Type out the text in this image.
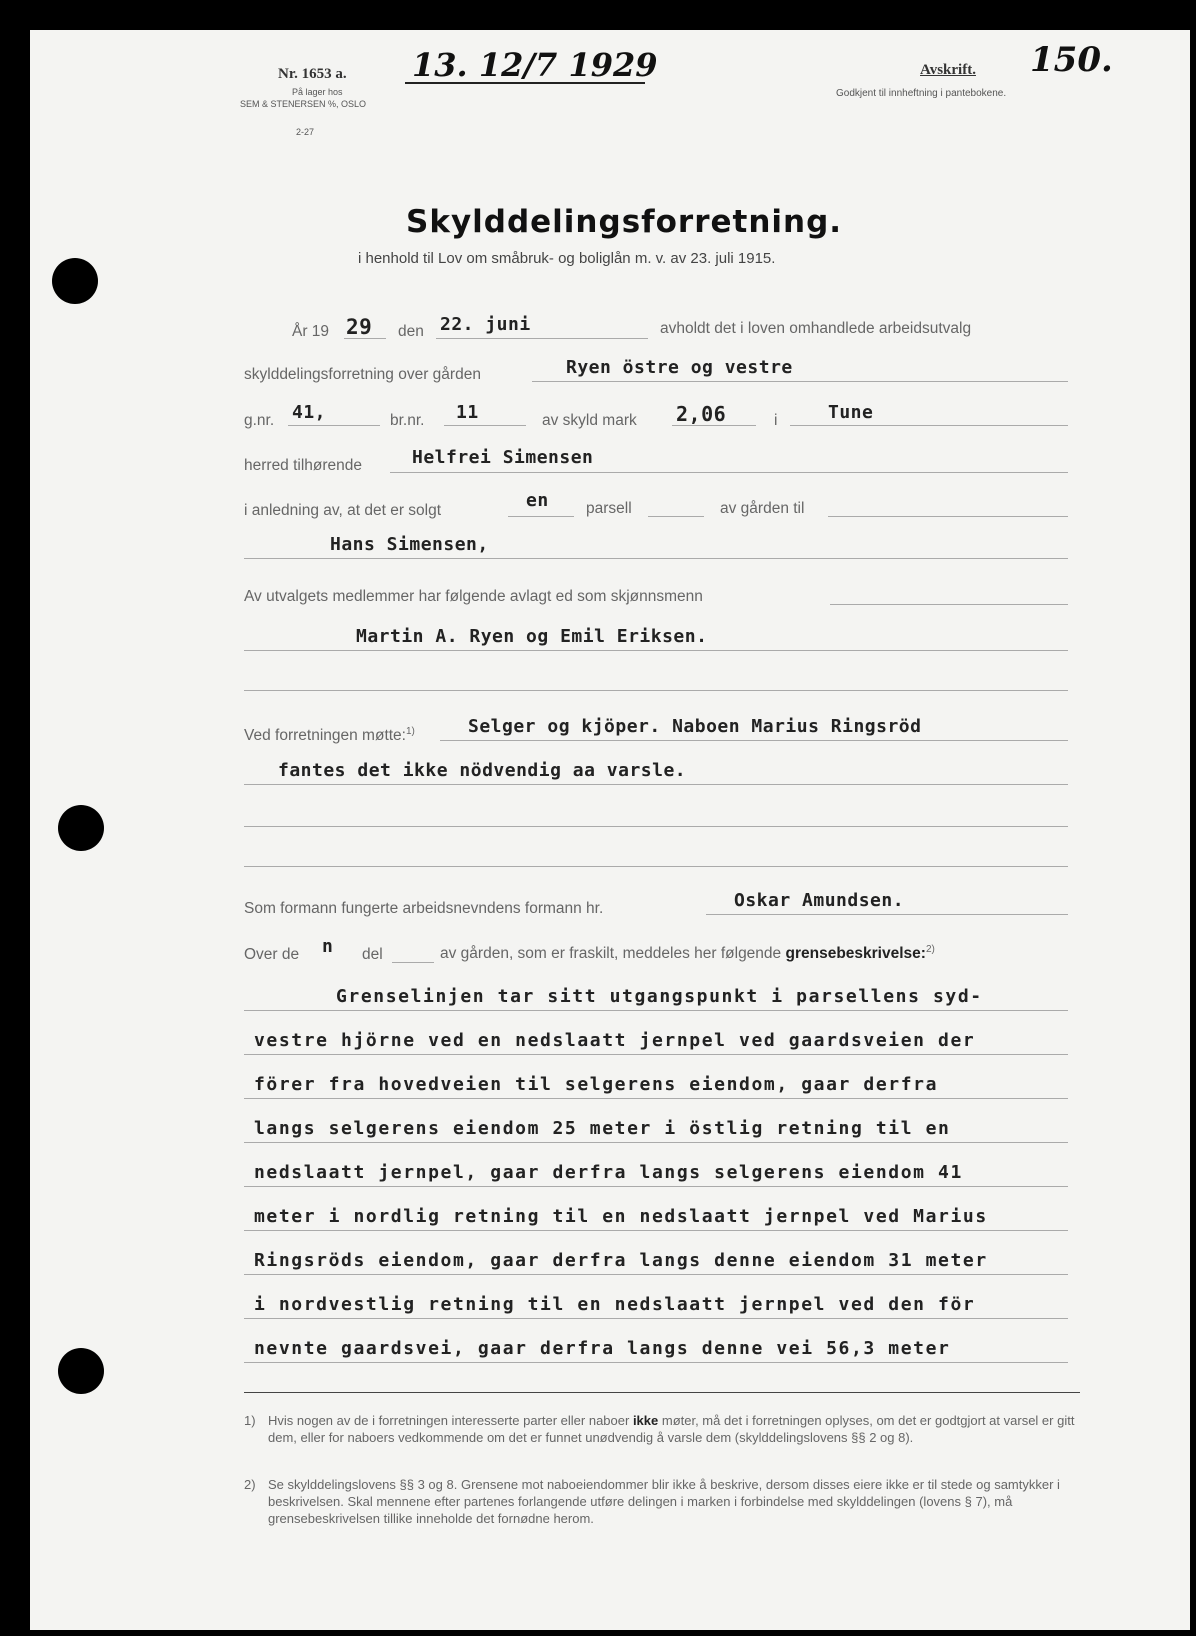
Nr. 1653 a.
På lager hos
SEM & STENERSEN %, OSLO
2-27
13. 12/7 1929	Avskrift.
Godkjent til innheftning i pantebokene.
150.
Skylddelingsforretning.
i henhold til Lov om småbruk- og boliglån m. v. av 23. juli 1915.
År 19 29 den 22. juni	avholdt det i loven omhandlede arbeidsutvalg
skylddelingsforretning over gården	Ryen östre og vestre
g.nr. 41,	br.nr. 11	av skyld mark 2,06	i	Tune
herred tilhørende	Helfrei Simensen
i anledning av, at det er solgt	en parsell	av gården til
Hans Simensen,
Av utvalgets medlemmer har følgende avlagt ed som skjønnsmenn
Martin A. Ryen og Emil Eriksen.
Ved forretningen møtte:$^{1)}$	Selger og kjöper. Naboen Marius Ringsröd
fantes det ikke nödvendig aa varsle.
Som formann fungerte arbeidsnevndens formann hr.	Oskar Amundsen.
Over de n del	av gården, som er fraskilt, meddeles her følgende grensebeskrivelse:$^{2)}$
Grenselinjen tar sitt utgangspunkt i parsellens syd-
vestre hjörne ved en nedslaatt jernpel ved gaardsveien der
förer fra hovedveien til selgerens eiendom, gaar derfra
langs selgerens eiendom 25 meter i östlig retning til en
nedslaatt jernpel, gaar derfra langs selgerens eiendom 41
meter i nordlig retning til en nedslaatt jernpel ved Marius
Ringsröds eiendom, gaar derfra langs denne eiendom 31 meter
i nordvestlig retning til en nedslaatt jernpel ved den för
nevnte gaardsvei, gaar derfra langs denne vei 56,3 meter
1) Hvis nogen av de i forretningen interesserte parter eller naboer ikke møter, må det i forretningen oplyses, om det er godtgjort at varsel er gitt dem, eller for naboers vedkommende om det er funnet unødvendig å varsle dem (skylddelingslovens §§ 2 og 8).
2) Se skylddelingslovens §§ 3 og 8. Grensene mot naboeiendommer blir ikke å beskrive, dersom disses eiere ikke er til stede og samtykker i beskrivelsen. Skal mennene efter partenes forlangende utføre delingen i marken i forbindelse med skylddelingen (lovens § 7), må grensebeskrivelsen tillike inneholde det fornødne herom.
